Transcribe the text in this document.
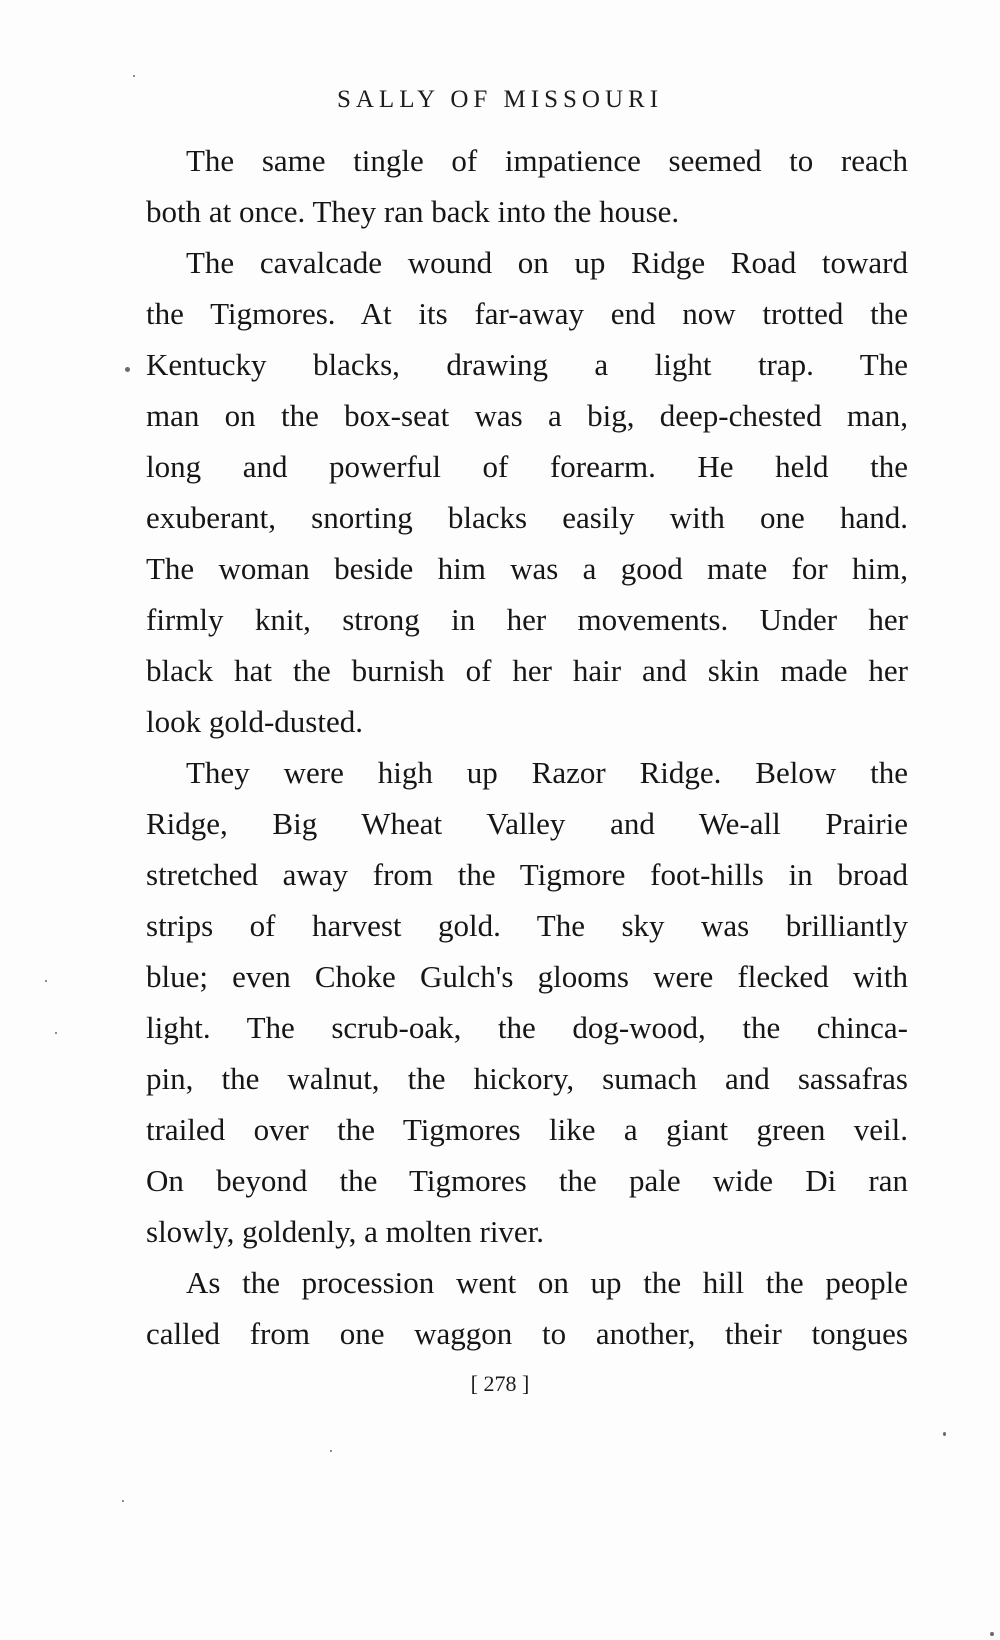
SALLY OF MISSOURI
The same tingle of impatience seemed to reach
both at once. They ran back into the house.
The cavalcade wound on up Ridge Road toward
the Tigmores. At its far-away end now trotted the
Kentucky blacks, drawing a light trap. The
man on the box-seat was a big, deep-chested man,
long and powerful of forearm. He held the
exuberant, snorting blacks easily with one hand.
The woman beside him was a good mate for him,
firmly knit, strong in her movements. Under her
black hat the burnish of her hair and skin made her
look gold-dusted.
They were high up Razor Ridge. Below the
Ridge, Big Wheat Valley and We-all Prairie
stretched away from the Tigmore foot-hills in broad
strips of harvest gold. The sky was brilliantly
blue; even Choke Gulch's glooms were flecked with
light. The scrub-oak, the dog-wood, the chinca-
pin, the walnut, the hickory, sumach and sassafras
trailed over the Tigmores like a giant green veil.
On beyond the Tigmores the pale wide Di ran
slowly, goldenly, a molten river.
As the procession went on up the hill the people
called from one waggon to another, their tongues
[ 278 ]
